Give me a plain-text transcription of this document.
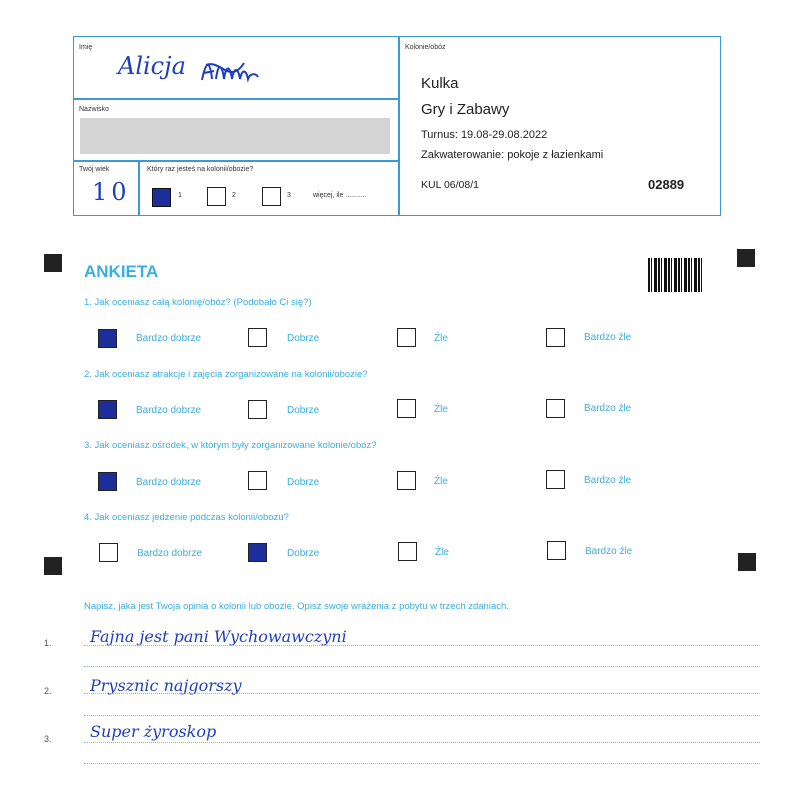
Imię
Alicja
Nazwisko
Twój wiek
10
Który raz jesteś na kolonii/obozie?
1	2	3	więcej, ile ...........
Kolonie/obóz
Kulka
Gry i Zabawy
Turnus: 19.08-29.08.2022
Zakwaterowanie: pokoje z łazienkami
KUL 06/08/1	02889
ANKIETA
1. Jak oceniasz całą kolonię/obóz? (Podobało Ci się?)
Bardzo dobrze	Dobrze	Źle	Bardzo źle
2. Jak oceniasz atrakcje i zajęcia zorganizowane na kolonii/obozie?
Bardzo dobrze	Dobrze	Źle	Bardzo źle
3. Jak oceniasz ośrodek, w którym były zorganizowane kolonie/obóz?
Bardzo dobrze	Dobrze	Źle	Bardzo źle
4. Jak oceniasz jedzenie podczas kolonii/obozu?
Bardzo dobrze	Dobrze	Źle	Bardzo źle
Napisz, jaka jest Twoja opinia o kolonii lub obozie. Opisz swoje wrażenia z pobytu w trzech zdaniach.
1. Fajna jest pani Wychowawczyni
2. Prysznic najgorszy
3. Super żyroskop
